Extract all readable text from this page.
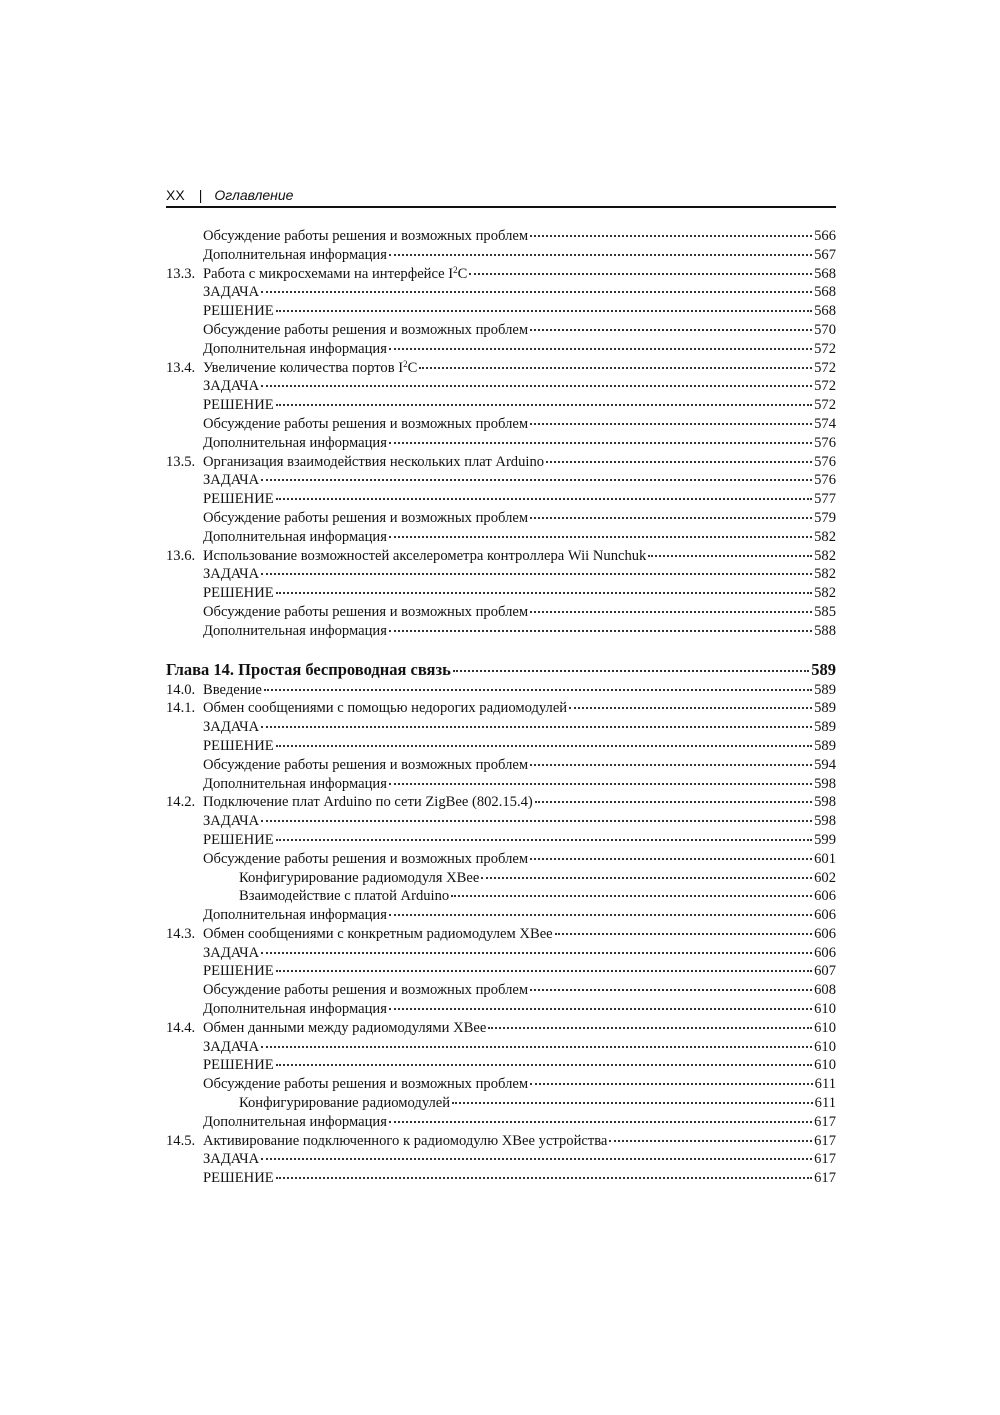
XX | Оглавление
Обсуждение работы решения и возможных проблем	566
Дополнительная информация	567
13.3. Работа с микросхемами на интерфейсе $I^2C$	568
ЗАДАЧА	568
РЕШЕНИЕ	568
Обсуждение работы решения и возможных проблем	570
Дополнительная информация	572
13.4. Увеличение количества портов $I^2C$	572
ЗАДАЧА	572
РЕШЕНИЕ	572
Обсуждение работы решения и возможных проблем	574
Дополнительная информация	576
13.5. Организация взаимодействия нескольких плат Arduino	576
ЗАДАЧА	576
РЕШЕНИЕ	577
Обсуждение работы решения и возможных проблем	579
Дополнительная информация	582
13.6. Использование возможностей акселерометра контроллера Wii Nunchuk	582
ЗАДАЧА	582
РЕШЕНИЕ	582
Обсуждение работы решения и возможных проблем	585
Дополнительная информация	588
Глава 14. Простая беспроводная связь	589
14.0. Введение	589
14.1. Обмен сообщениями с помощью недорогих радиомодулей	589
ЗАДАЧА	589
РЕШЕНИЕ	589
Обсуждение работы решения и возможных проблем	594
Дополнительная информация	598
14.2. Подключение плат Arduino по сети ZigBee (802.15.4)	598
ЗАДАЧА	598
РЕШЕНИЕ	599
Обсуждение работы решения и возможных проблем	601
Конфигурирование радиомодуля XBee	602
Взаимодействие с платой Arduino	606
Дополнительная информация	606
14.3. Обмен сообщениями с конкретным радиомодулем XBee	606
ЗАДАЧА	606
РЕШЕНИЕ	607
Обсуждение работы решения и возможных проблем	608
Дополнительная информация	610
14.4. Обмен данными между радиомодулями XBee	610
ЗАДАЧА	610
РЕШЕНИЕ	610
Обсуждение работы решения и возможных проблем	611
Конфигурирование радиомодулей	611
Дополнительная информация	617
14.5. Активирование подключенного к радиомодулю XBee устройства	617
ЗАДАЧА	617
РЕШЕНИЕ	617
